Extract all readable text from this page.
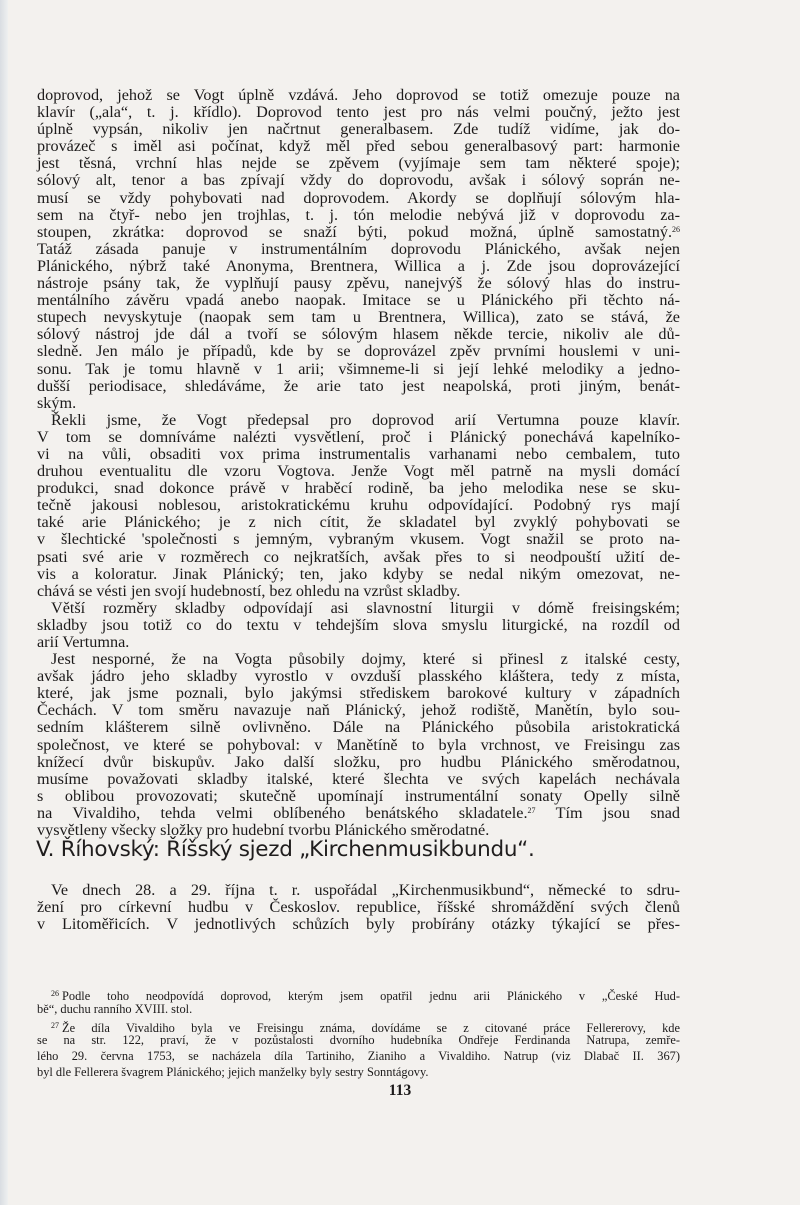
doprovod, jehož se Vogt úplně vzdává. Jeho doprovod se totiž omezuje pouze na
klavír („ala“, t. j. křídlo). Doprovod tento jest pro nás velmi poučný, ježto jest
úplně vypsán, nikoliv jen načrtnut generalbasem. Zde tudíž vidíme, jak do-
provázeč s iměl asi počínat, když měl před sebou generalbasový part: harmonie
jest těsná, vrchní hlas nejde se zpěvem (vyjímaje sem tam některé spoje);
sólový alt, tenor a bas zpívají vždy do doprovodu, avšak i sólový soprán ne-
musí se vždy pohybovati nad doprovodem. Akordy se doplňují sólovým hla-
sem na čtyř- nebo jen trojhlas, t. j. tón melodie nebývá již v doprovodu za-
stoupen, zkrátka: doprovod se snaží býti, pokud možná, úplně samostatný.$^{26}$
Tatáž zásada panuje v instrumentálním doprovodu Plánického, avšak nejen
Plánického, nýbrž také Anonyma, Brentnera, Willica a j. Zde jsou doprovázející
nástroje psány tak, že vyplňují pausy zpěvu, nanejvýš že sólový hlas do instru-
mentálního závěru vpadá anebo naopak. Imitace se u Plánického při těchto ná-
stupech nevyskytuje (naopak sem tam u Brentnera, Willica), zato se stává, že
sólový nástroj jde dál a tvoří se sólovým hlasem někde tercie, nikoliv ale dů-
sledně. Jen málo je případů, kde by se doprovázel zpěv prvními houslemi v uni-
sonu. Tak je tomu hlavně v 1 arii; všimneme-li si její lehké melodiky a jedno-
dušší periodisace, shledáváme, že arie tato jest neapolská, proti jiným, benát-
ským.
Řekli jsme, že Vogt předepsal pro doprovod arií Vertumna pouze klavír.
V tom se domníváme nalézti vysvětlení, proč i Plánický ponechává kapelníko-
vi na vůli, obsaditi vox prima instrumentalis varhanami nebo cembalem, tuto
druhou eventualitu dle vzoru Vogtova. Jenže Vogt měl patrně na mysli domácí
produkci, snad dokonce právě v hraběcí rodině, ba jeho melodika nese se sku-
tečně jakousi noblesou, aristokratickému kruhu odpovídající. Podobný rys mají
také arie Plánického; je z nich cítit, že skladatel byl zvyklý pohybovati se
v šlechtické 'společnosti s jemným, vybraným vkusem. Vogt snažil se proto na-
psati své arie v rozměrech co nejkratších, avšak přes to si neodpouští užití de-
vis a koloratur. Jinak Plánický; ten, jako kdyby se nedal nikým omezovat, ne-
chává se vésti jen svojí hudebností, bez ohledu na vzrůst skladby.
Větší rozměry skladby odpovídají asi slavnostní liturgii v dómě freisingském;
skladby jsou totiž co do textu v tehdejším slova smyslu liturgické, na rozdíl od
arií Vertumna.
Jest nesporné, že na Vogta působily dojmy, které si přinesl z italské cesty,
avšak jádro jeho skladby vyrostlo v ovzduší plasského kláštera, tedy z místa,
které, jak jsme poznali, bylo jakýmsi střediskem barokové kultury v západních
Čechách. V tom směru navazuje naň Plánický, jehož rodiště, Manětín, bylo sou-
sedním klášterem silně ovlivněno. Dále na Plánického působila aristokratická
společnost, ve které se pohyboval: v Manětíně to byla vrchnost, ve Freisingu zas
knížecí dvůr biskupův. Jako další složku, pro hudbu Plánického směrodatnou,
musíme považovati skladby italské, které šlechta ve svých kapelách nechávala
s oblibou provozovati; skutečně upomínají instrumentální sonaty Opelly silně
na Vivaldiho, tehda velmi oblíbeného benátského skladatele.$^{27}$ Tím jsou snad
vysvětleny všecky složky pro hudební tvorbu Plánického směrodatné.
V. Říhovský: Říšský sjezd „Kirchenmusikbundu“.
Ve dnech 28. a 29. října t. r. uspořádal „Kirchenmusikbund“, německé to sdru-
žení pro církevní hudbu v Českoslov. republice, říšské shromáždění svých členů
v Litoměřicích. V jednotlivých schůzích byly probírány otázky týkající se přes-
$^{26}$ Podle toho neodpovídá doprovod, kterým jsem opatřil jednu arii Plánického v „České Hud-
bě“, duchu ranního XVIII. stol.
$^{27}$ Že díla Vivaldiho byla ve Freisingu známa, dovídáme se z citované práce Fellererovy, kde
se na str. 122, praví, že v pozůstalosti dvorního hudebníka Ondřeje Ferdinanda Natrupa, zemře-
lého 29. června 1753, se nacházela díla Tartiniho, Zianiho a Vivaldiho. Natrup (viz Dlabač II. 367)
byl dle Fellerera švagrem Plánického; jejich manželky byly sestry Sonntágovy.
113
